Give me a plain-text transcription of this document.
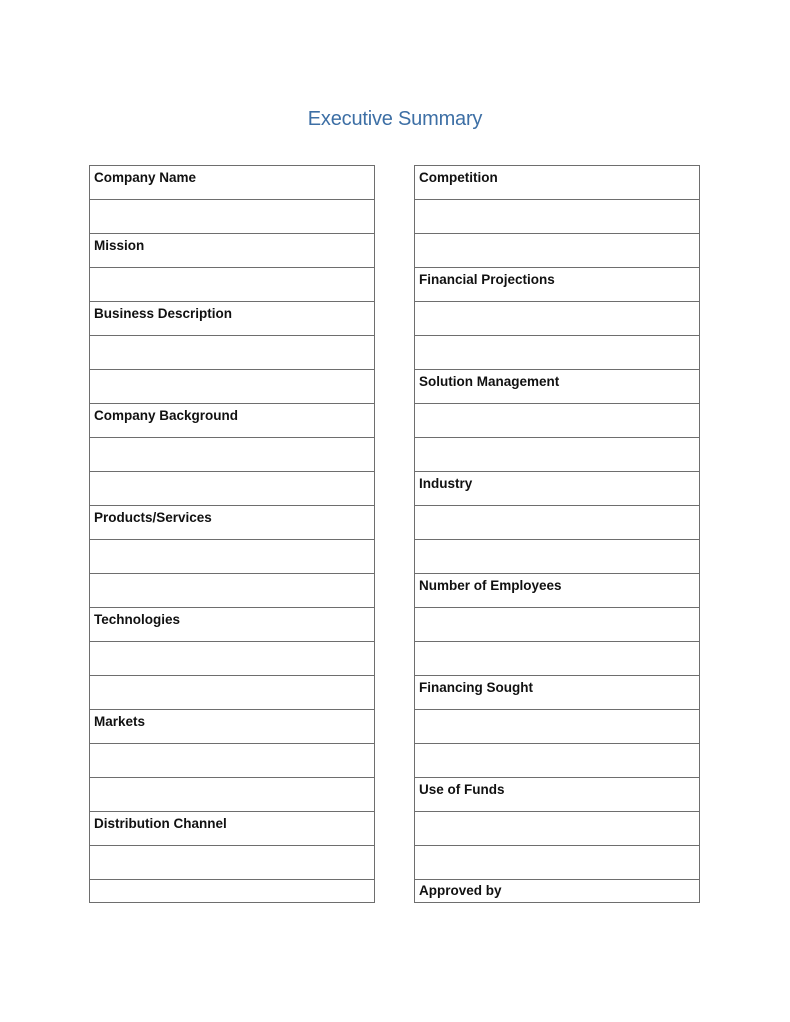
Executive Summary
Company Name
Mission
Business Description
Company Background
Products/Services
Technologies
Markets
Distribution Channel
Competition
Financial Projections
Solution Management
Industry
Number of Employees
Financing Sought
Use of Funds
Approved by
